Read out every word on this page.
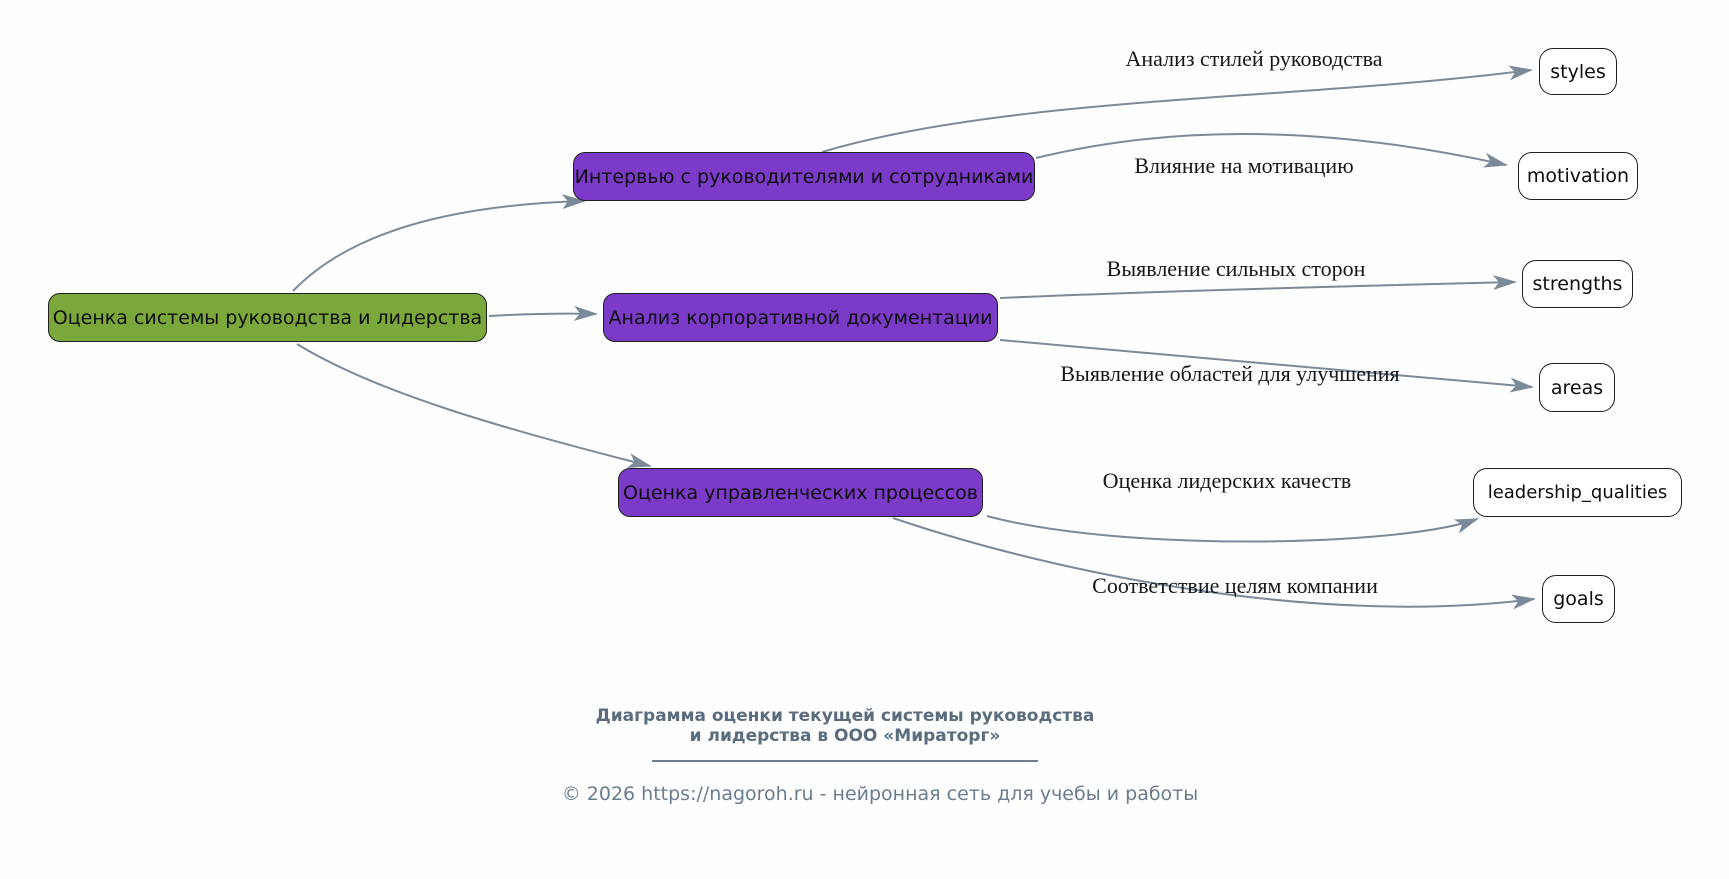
Оценка системы руководства и лидерства
Интервью с руководителями и сотрудниками
Анализ корпоративной документации
Оценка управленческих процессов
styles
motivation
strengths
areas
leadership_qualities
goals
Анализ стилей руководства
Влияние на мотивацию
Выявление сильных сторон
Выявление областей для улучшения
Оценка лидерских качеств
Соответствие целям компании
Диаграмма оценки текущей системы руководства
и лидерства в ООО «Мираторг»
© 2026 https://nagoroh.ru - нейронная сеть для учебы и работы
